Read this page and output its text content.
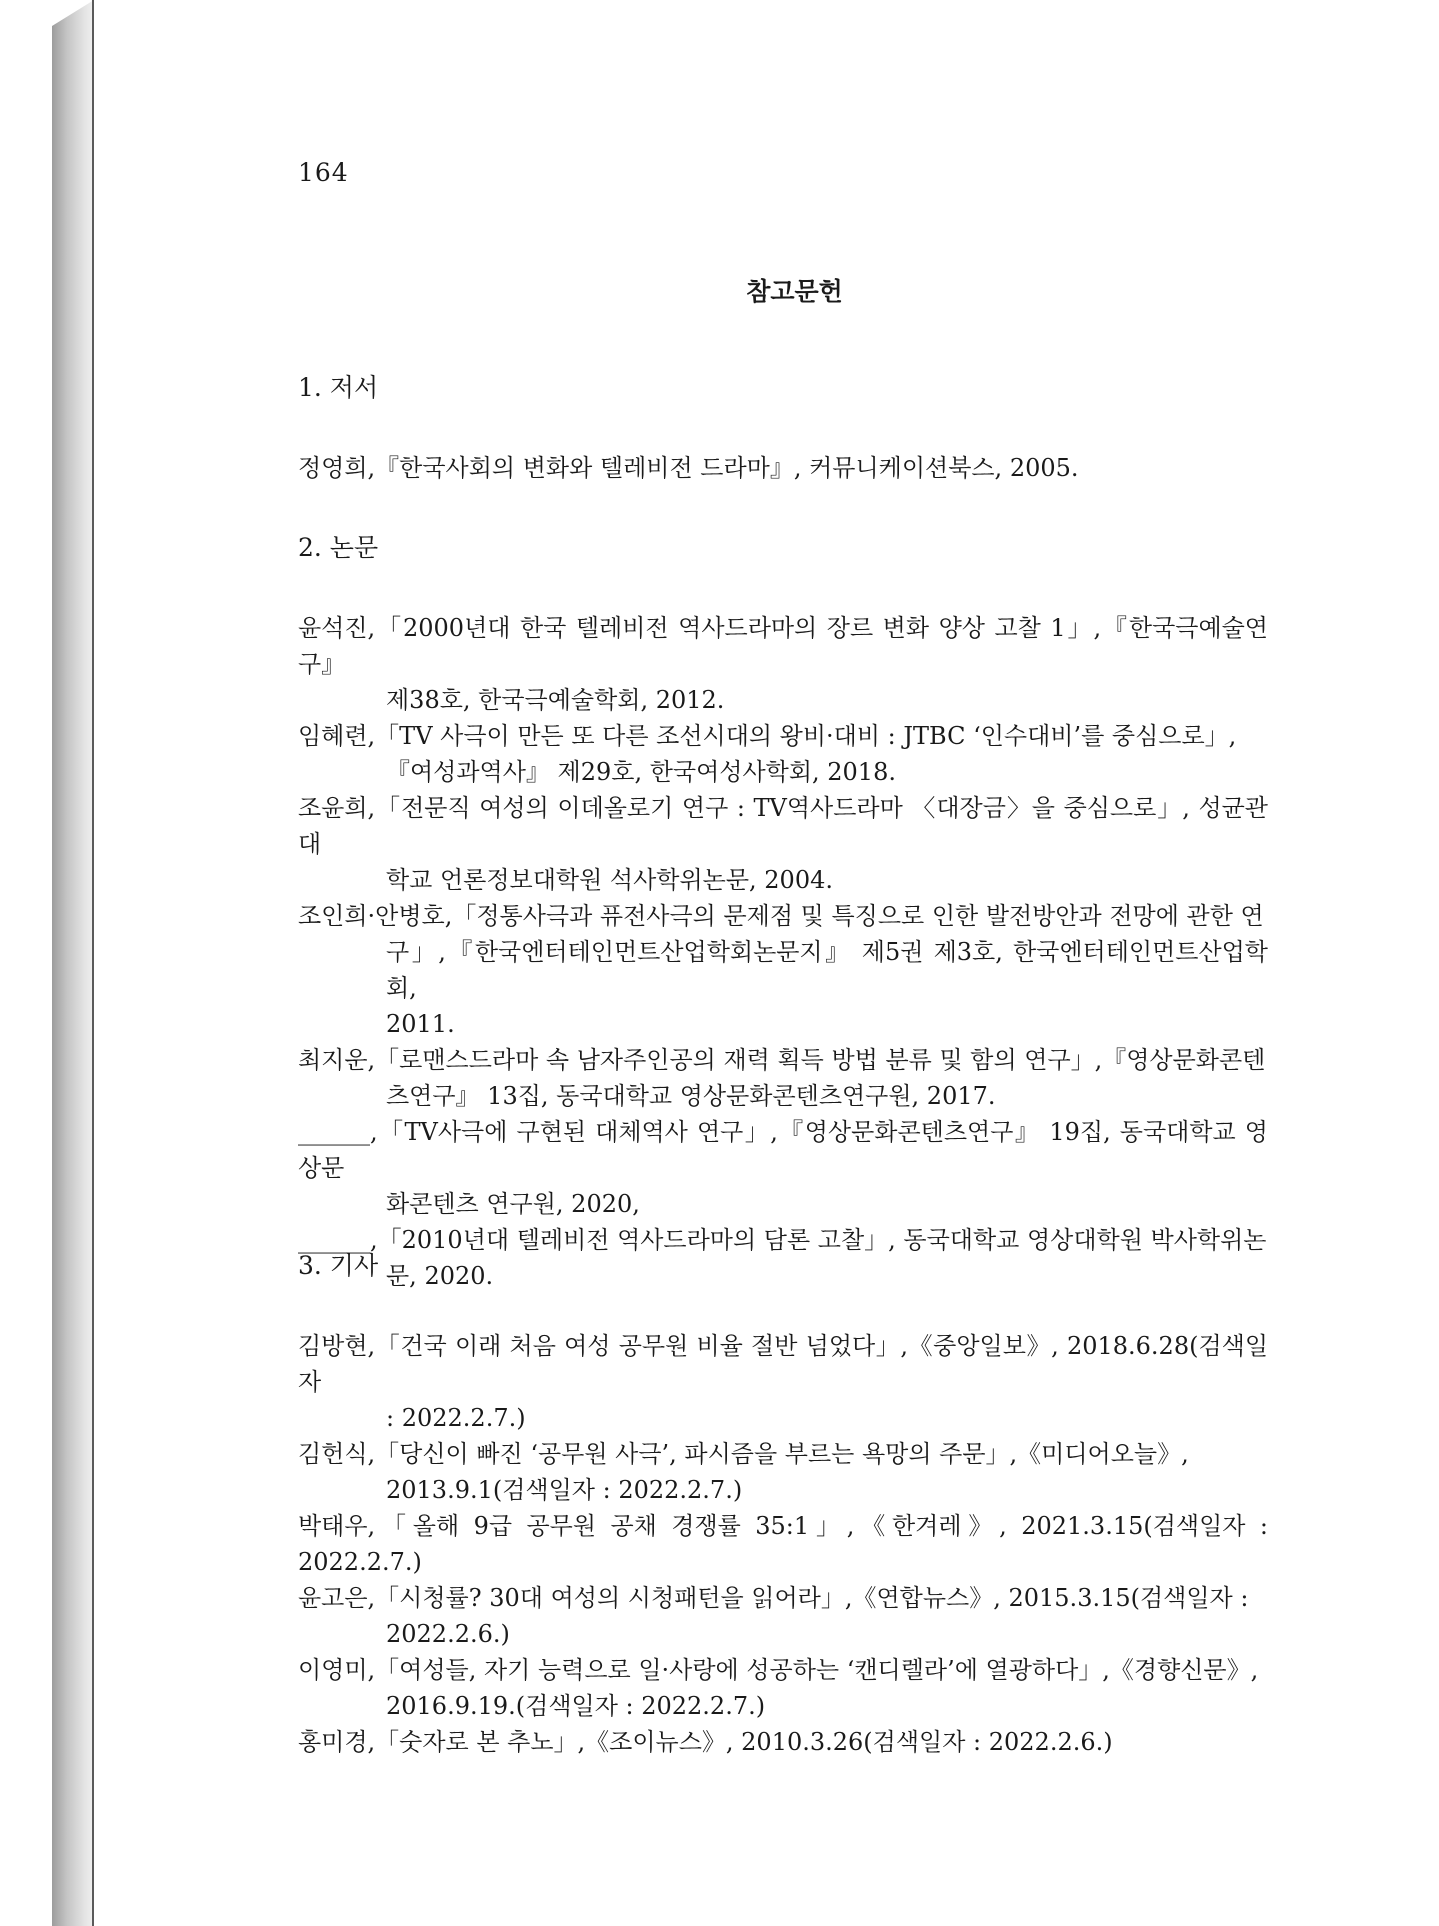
164
참고문헌
1. 저서
정영희,『한국사회의 변화와 텔레비전 드라마』, 커뮤니케이션북스, 2005.
2. 논문
윤석진,「2000년대 한국 텔레비전 역사드라마의 장르 변화 양상 고찰 1」,『한국극예술연구』
제38호, 한국극예술학회, 2012.
임혜련,「TV 사극이 만든 또 다른 조선시대의 왕비·대비 : JTBC ‘인수대비’를 중심으로」,
『여성과역사』 제29호, 한국여성사학회, 2018.
조윤희,「전문직 여성의 이데올로기 연구 : TV역사드라마 〈대장금〉을 중심으로」, 성균관대
학교 언론정보대학원 석사학위논문, 2004.
조인희·안병호,「정통사극과 퓨전사극의 문제점 및 특징으로 인한 발전방안과 전망에 관한 연
구」,『한국엔터테인먼트산업학회논문지』 제5권 제3호, 한국엔터테인먼트산업학회,
2011.
최지운,「로맨스드라마 속 남자주인공의 재력 획득 방법 분류 및 함의 연구」,『영상문화콘텐
츠연구』 13집, 동국대학교 영상문화콘텐츠연구원, 2017.
______,「TV사극에 구현된 대체역사 연구」,『영상문화콘텐츠연구』 19집, 동국대학교 영상문
화콘텐츠 연구원, 2020,
______,「2010년대 텔레비전 역사드라마의 담론 고찰」, 동국대학교 영상대학원 박사학위논
문, 2020.
3. 기사
김방현,「건국 이래 처음 여성 공무원 비율 절반 넘었다」,《중앙일보》, 2018.6.28(검색일자
: 2022.2.7.)
김헌식,「당신이 빠진 ‘공무원 사극’, 파시즘을 부르는 욕망의 주문」,《미디어오늘》,
2013.9.1(검색일자 : 2022.2.7.)
박태우,「올해 9급 공무원 공채 경쟁률 35:1」,《한겨레》, 2021.3.15(검색일자 : 2022.2.7.)
윤고은,「시청률? 30대 여성의 시청패턴을 읽어라」,《연합뉴스》, 2015.3.15(검색일자 :
2022.2.6.)
이영미,「여성들, 자기 능력으로 일·사랑에 성공하는 ‘캔디렐라’에 열광하다」,《경향신문》,
2016.9.19.(검색일자 : 2022.2.7.)
홍미경,「숫자로 본 추노」,《조이뉴스》, 2010.3.26(검색일자 : 2022.2.6.)
